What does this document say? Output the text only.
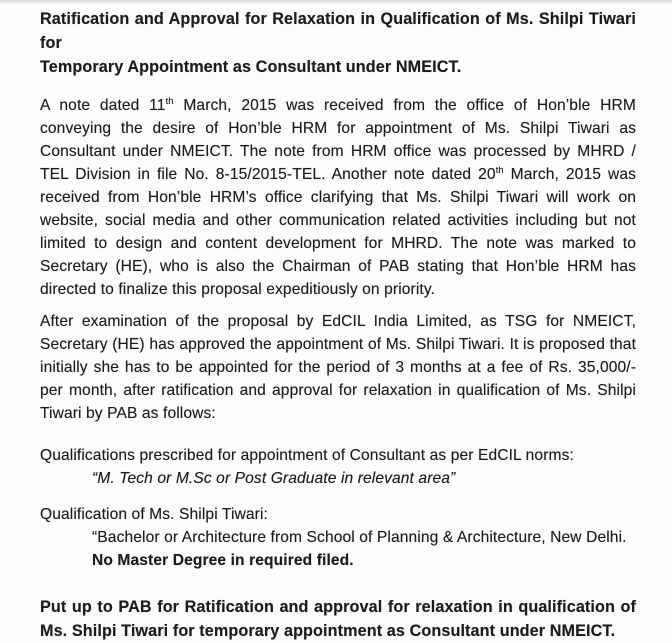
Ratification and Approval for Relaxation in Qualification of Ms. Shilpi Tiwari for
Temporary Appointment as Consultant under NMEICT.

A note dated 11th March, 2015 was received from the office of Hon’ble HRM conveying the desire of Hon’ble HRM for appointment of Ms. Shilpi Tiwari as Consultant under NMEICT. The note from HRM office was processed by MHRD / TEL Division in file No. 8-15/2015-TEL. Another note dated 20th March, 2015 was received from Hon’ble HRM’s office clarifying that Ms. Shilpi Tiwari will work on website, social media and other communication related activities including but not limited to design and content development for MHRD. The note was marked to Secretary (HE), who is also the Chairman of PAB stating that Hon’ble HRM has directed to finalize this proposal expeditiously on priority.

After examination of the proposal by EdCIL India Limited, as TSG for NMEICT, Secretary (HE) has approved the appointment of Ms. Shilpi Tiwari. It is proposed that initially she has to be appointed for the period of 3 months at a fee of Rs. 35,000/- per month, after ratification and approval for relaxation in qualification of Ms. Shilpi Tiwari by PAB as follows:

Qualifications prescribed for appointment of Consultant as per EdCIL norms:
“M. Tech or M.Sc or Post Graduate in relevant area”
Qualification of Ms. Shilpi Tiwari:
“Bachelor or Architecture from School of Planning & Architecture, New Delhi.
No Master Degree in required filed.

Put up to PAB for Ratification and approval for relaxation in qualification of Ms. Shilpi Tiwari for temporary appointment as Consultant under NMEICT.
